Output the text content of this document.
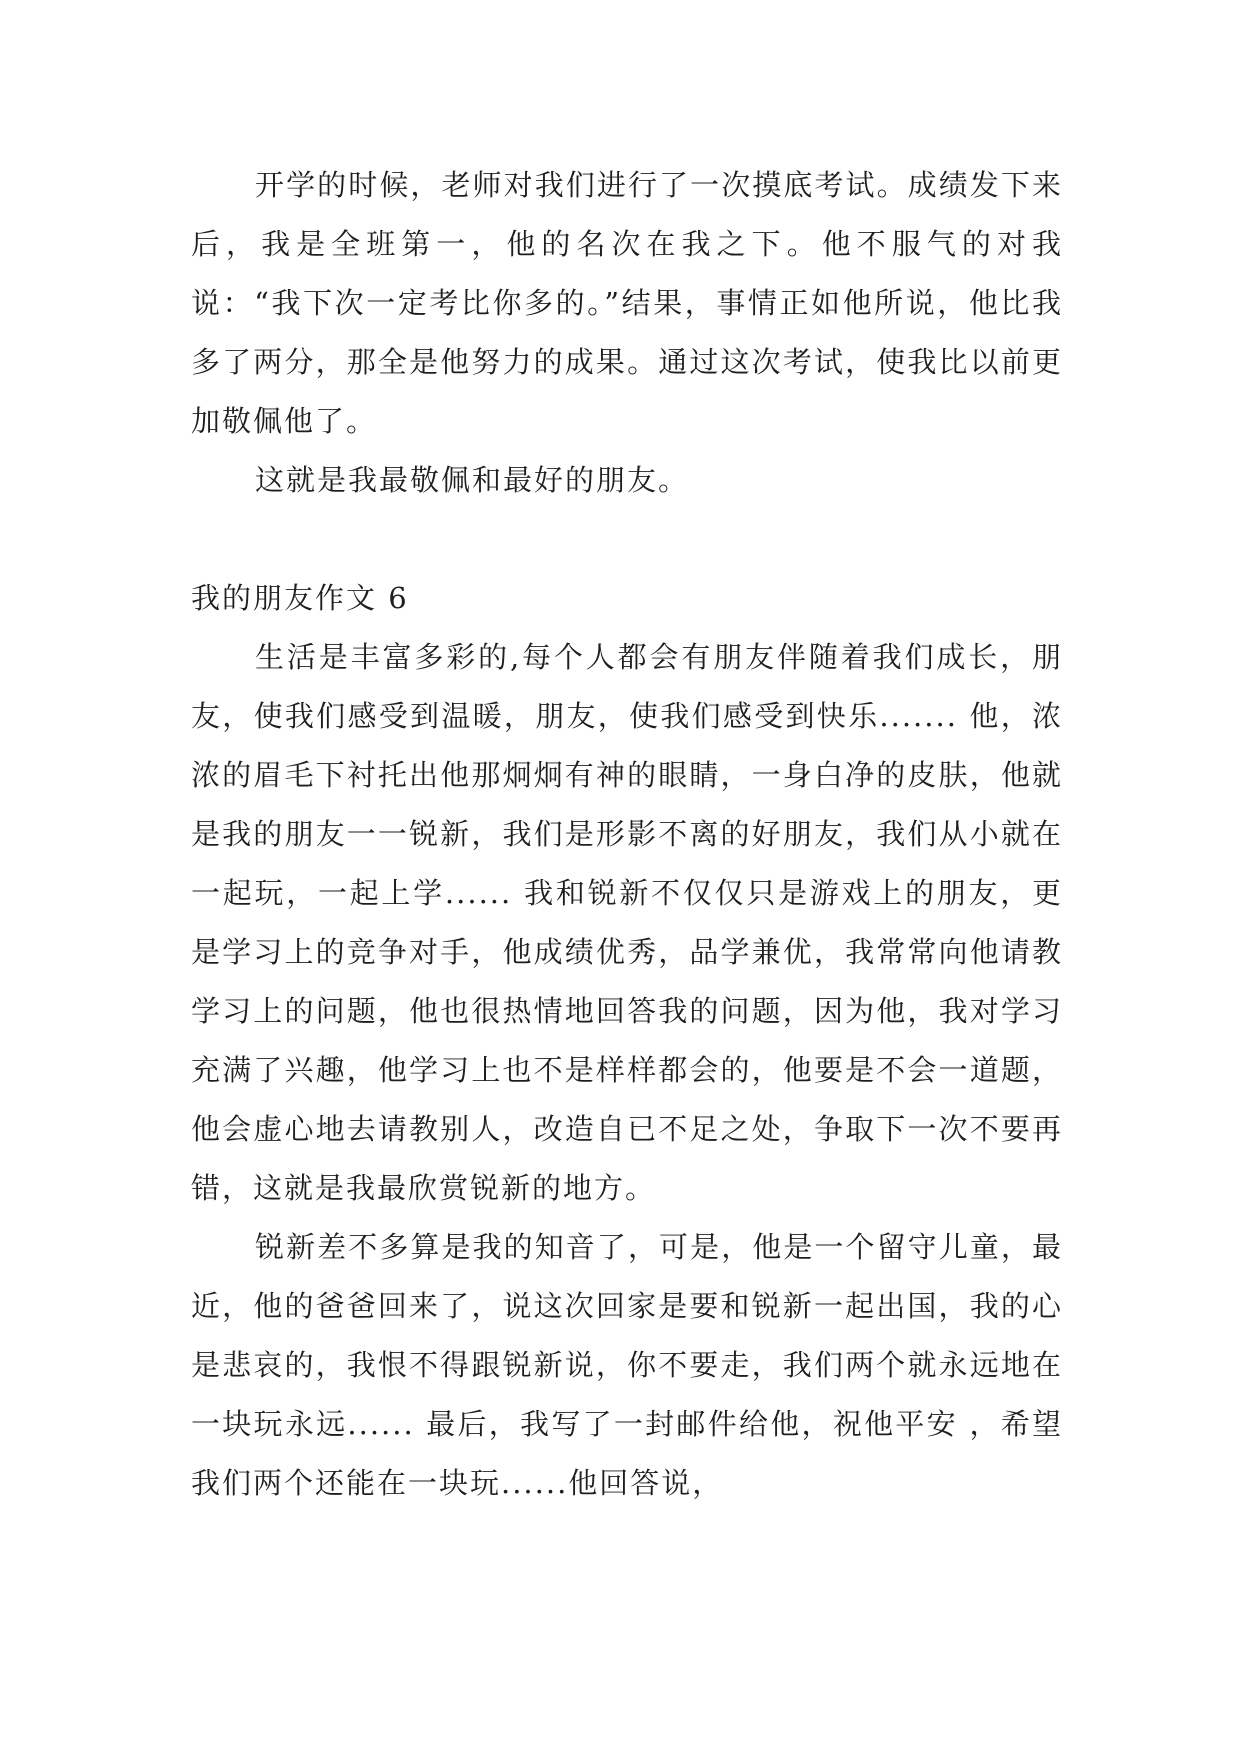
开学的时候，老师对我们进行了一次摸底考试。成绩发下来后，我是全班第一，他的名次在我之下。他不服气的对我说：“我下次一定考比你多的。”结果，事情正如他所说，他比我多了两分，那全是他努力的成果。通过这次考试，使我比以前更加敬佩他了。

这就是我最敬佩和最好的朋友。

我的朋友作文 6

生活是丰富多彩的,每个人都会有朋友伴随着我们成长，朋友，使我们感受到温暖，朋友，使我们感受到快乐....... 他，浓浓的眉毛下衬托出他那炯炯有神的眼睛，一身白净的皮肤，他就是我的朋友一一锐新，我们是形影不离的好朋友，我们从小就在一起玩，一起上学...... 我和锐新不仅仅只是游戏上的朋友，更是学习上的竞争对手，他成绩优秀，品学兼优，我常常向他请教学习上的问题，他也很热情地回答我的问题，因为他，我对学习充满了兴趣，他学习上也不是样样都会的，他要是不会一道题，他会虚心地去请教别人，改造自已不足之处，争取下一次不要再错，这就是我最欣赏锐新的地方。

锐新差不多算是我的知音了，可是，他是一个留守儿童，最近，他的爸爸回来了，说这次回家是要和锐新一起出国，我的心是悲哀的，我恨不得跟锐新说，你不要走，我们两个就永远地在一块玩永远...... 最后，我写了一封邮件给他，祝他平安 ，希望我们两个还能在一块玩......他回答说，
